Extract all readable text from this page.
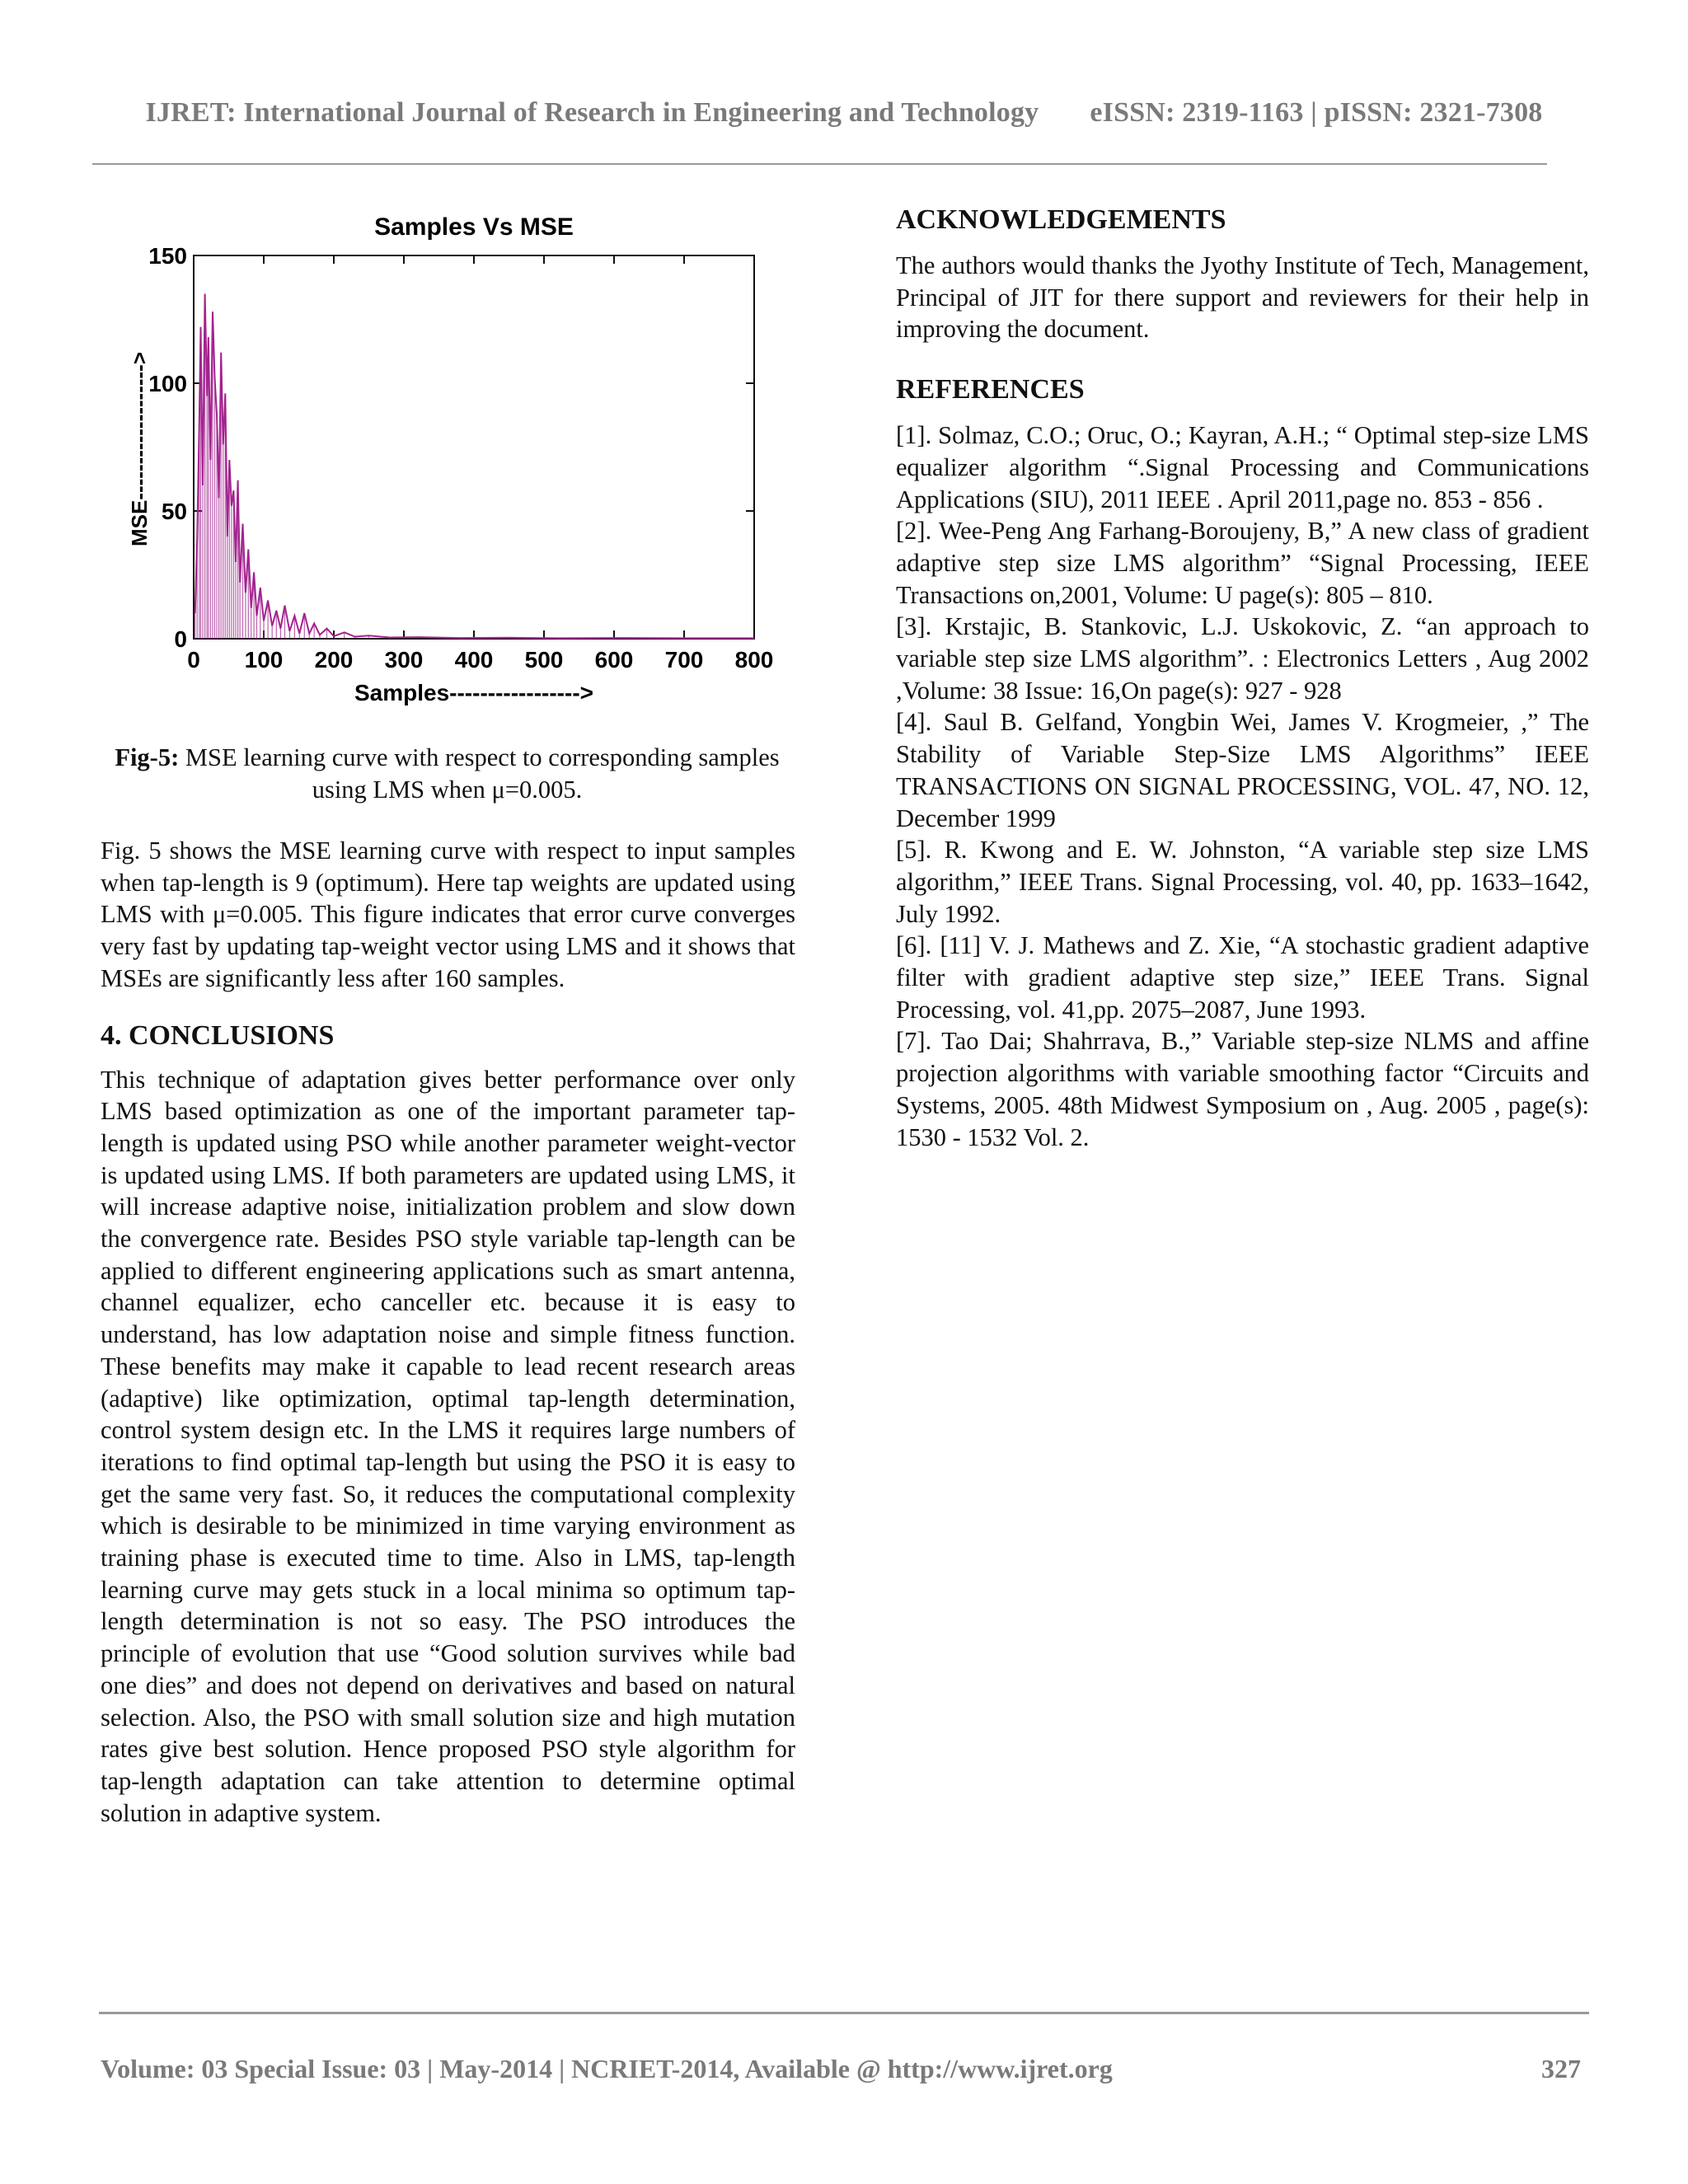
IJRET: International Journal of Research in Engineering and Technology eISSN: 2319-1163 | pISSN: 2321-7308
Samples Vs MSE
0 100 200 300 400 500 600 700 800
0
50
100
150
Samples----------------->
MSE------------------->
Fig-5: MSE learning curve with respect to corresponding samples using LMS when μ=0.005.

Fig. 5 shows the MSE learning curve with respect to input samples when tap-length is 9 (optimum). Here tap weights are updated using LMS with μ=0.005. This figure indicates that error curve converges very fast by updating tap-weight vector using LMS and it shows that MSEs are significantly less after 160 samples.

4. CONCLUSIONS

This technique of adaptation gives better performance over only LMS based optimization as one of the important parameter tap-length is updated using PSO while another parameter weight-vector is updated using LMS. If both parameters are updated using LMS, it will increase adaptive noise, initialization problem and slow down the convergence rate. Besides PSO style variable tap-length can be applied to different engineering applications such as smart antenna, channel equalizer, echo canceller etc. because it is easy to understand, has low adaptation noise and simple fitness function. These benefits may make it capable to lead recent research areas (adaptive) like optimization, optimal tap-length determination, control system design etc. In the LMS it requires large numbers of iterations to find optimal tap-length but using the PSO it is easy to get the same very fast. So, it reduces the computational complexity which is desirable to be minimized in time varying environment as training phase is executed time to time. Also in LMS, tap-length learning curve may gets stuck in a local minima so optimum tap-length determination is not so easy. The PSO introduces the principle of evolution that use “Good solution survives while bad one dies” and does not depend on derivatives and based on natural selection. Also, the PSO with small solution size and high mutation rates give best solution. Hence proposed PSO style algorithm for tap-length adaptation can take attention to determine optimal solution in adaptive system.

ACKNOWLEDGEMENTS

The authors would thanks the Jyothy Institute of Tech, Management, Principal of JIT for there support and reviewers for their help in improving the document.

REFERENCES

[1]. Solmaz, C.O.; Oruc, O.; Kayran, A.H.; “ Optimal step-size LMS equalizer algorithm “.Signal Processing and Communications Applications (SIU), 2011 IEEE . April 2011,page no. 853 - 856 .

[2]. Wee-Peng Ang Farhang-Boroujeny, B,” A new class of gradient adaptive step size LMS algorithm” “Signal Processing, IEEE Transactions on,2001, Volume: U page(s): 805 – 810.

[3]. Krstajic, B. Stankovic, L.J. Uskokovic, Z. “an approach to variable step size LMS algorithm”. : Electronics Letters , Aug 2002 ,Volume: 38 Issue: 16,On page(s): 927 - 928

[4]. Saul B. Gelfand, Yongbin Wei, James V. Krogmeier, ,” The Stability of Variable Step-Size LMS Algorithms” IEEE TRANSACTIONS ON SIGNAL PROCESSING, VOL. 47, NO. 12, December 1999

[5]. R. Kwong and E. W. Johnston, “A variable step size LMS algorithm,” IEEE Trans. Signal Processing, vol. 40, pp. 1633–1642, July 1992.

[6]. [11] V. J. Mathews and Z. Xie, “A stochastic gradient adaptive filter with gradient adaptive step size,” IEEE Trans. Signal Processing, vol. 41,pp. 2075–2087, June 1993.

[7]. Tao Dai; Shahrrava, B.,” Variable step-size NLMS and affine projection algorithms with variable smoothing factor “Circuits and Systems, 2005. 48th Midwest Symposium on , Aug. 2005 , page(s): 1530 - 1532 Vol. 2.

Volume: 03 Special Issue: 03 | May-2014 | NCRIET-2014, Available @ http://www.ijret.org	327
